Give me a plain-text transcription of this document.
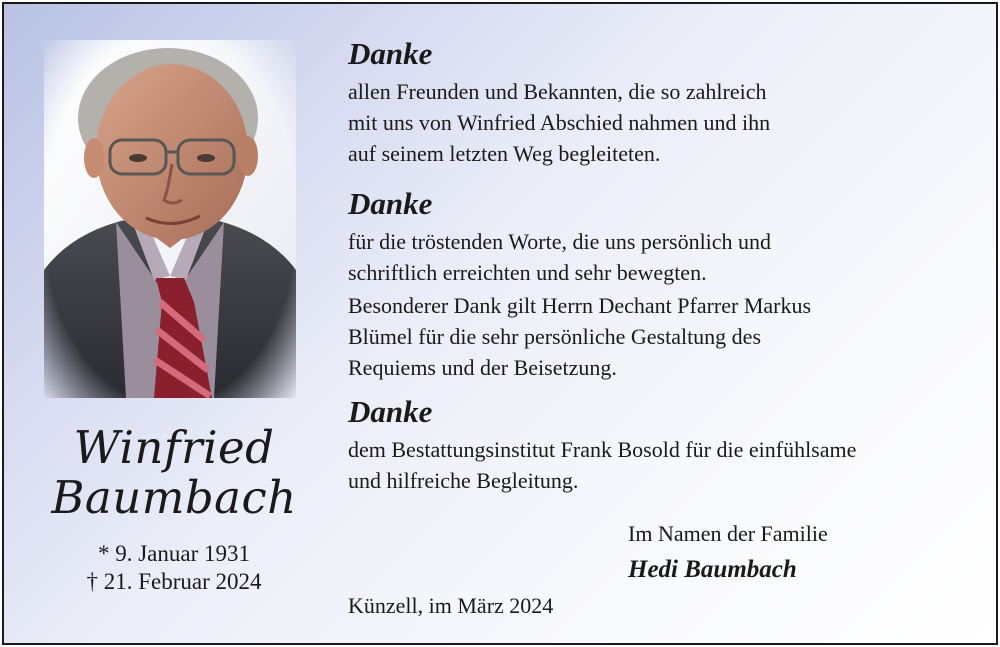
Winfried
Baumbach
* 9. Januar 1931
† 21. Februar 2024
Danke
allen Freunden und Bekannten, die so zahlreich
mit uns von Winfried Abschied nahmen und ihn
auf seinem letzten Weg begleiteten.
Danke
für die tröstenden Worte, die uns persönlich und
schriftlich erreichten und sehr bewegten.
Besonderer Dank gilt Herrn Dechant Pfarrer Markus
Blümel für die sehr persönliche Gestaltung des
Requiems und der Beisetzung.
Danke
dem Bestattungsinstitut Frank Bosold für die einfühlsame
und hilfreiche Begleitung.
Im Namen der Familie
Hedi Baumbach
Künzell, im März 2024
